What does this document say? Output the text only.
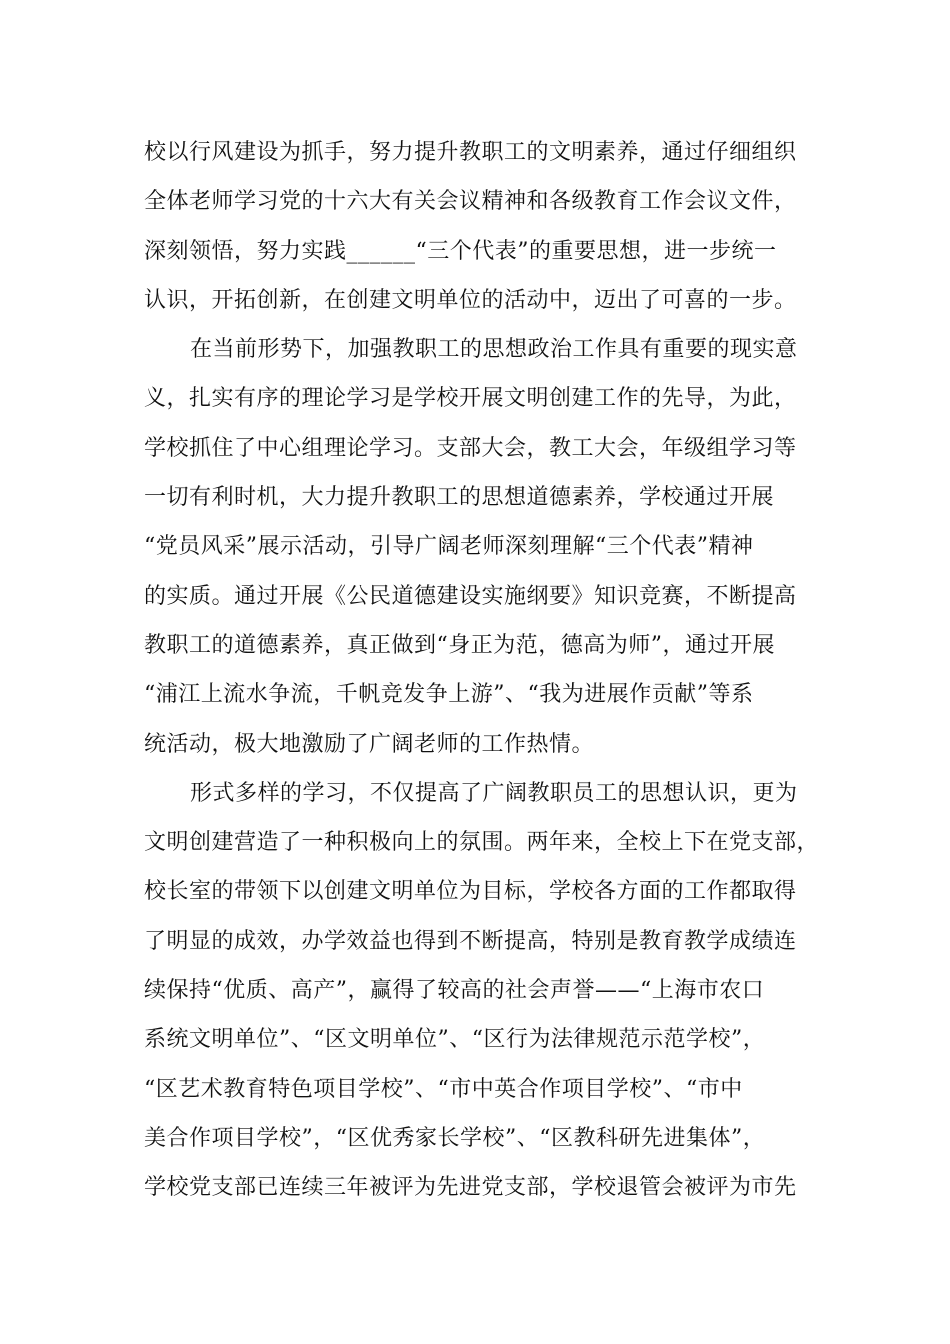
校以行风建设为抓手，努力提升教职工的文明素养，通过仔细组织
全体老师学习党的十六大有关会议精神和各级教育工作会议文件，
深刻领悟，努力实践______“三个代表”的重要思想，进一步统一
认识，开拓创新，在创建文明单位的活动中，迈出了可喜的一步。
在当前形势下，加强教职工的思想政治工作具有重要的现实意
义，扎实有序的理论学习是学校开展文明创建工作的先导，为此，
学校抓住了中心组理论学习。支部大会，教工大会，年级组学习等
一切有利时机，大力提升教职工的思想道德素养，学校通过开展
“党员风采”展示活动，引导广阔老师深刻理解“三个代表”精神
的实质。通过开展《公民道德建设实施纲要》知识竞赛，不断提高
教职工的道德素养，真正做到“身正为范，德高为师”，通过开展
“浦江上流水争流，千帆竞发争上游”、“我为进展作贡献”等系
统活动，极大地激励了广阔老师的工作热情。
形式多样的学习，不仅提高了广阔教职员工的思想认识，更为
文明创建营造了一种积极向上的氛围。两年来，全校上下在党支部，
校长室的带领下以创建文明单位为目标，学校各方面的工作都取得
了明显的成效，办学效益也得到不断提高，特别是教育教学成绩连
续保持“优质、高产”，赢得了较高的社会声誉——“上海市农口
系统文明单位”、“区文明单位”、“区行为法律规范示范学校”，
“区艺术教育特色项目学校”、“市中英合作项目学校”、“市中
美合作项目学校”，“区优秀家长学校”、“区教科研先进集体”，
学校党支部已连续三年被评为先进党支部，学校退管会被评为市先
